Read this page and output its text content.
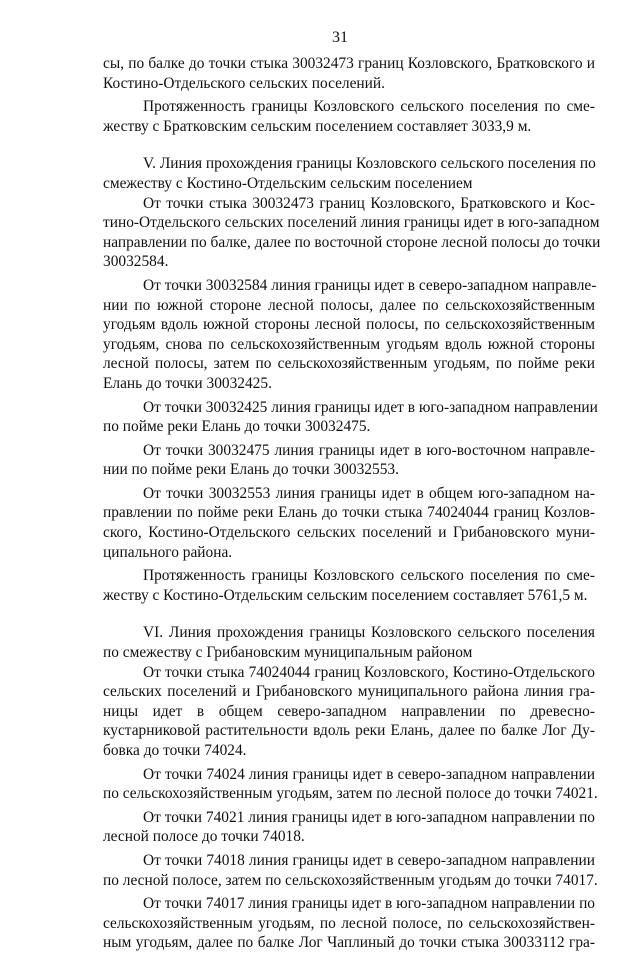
31
сы, по балке до точки стыка 30032473 границ Козловского, Братковского и
Костино-Отдельского сельских поселений.
Протяженность границы Козловского сельского поселения по сме-
жеству с Братковским сельским поселением составляет 3033,9 м.
V. Линия прохождения границы Козловского сельского поселения по
смежеству с Костино-Отдельским сельским поселением
От точки стыка 30032473 границ Козловского, Братковского и Кос-
тино-Отдельского сельских поселений линия границы идет в юго-западном
направлении по балке, далее по восточной стороне лесной полосы до точки
30032584.
От точки 30032584 линия границы идет в северо-западном направле-
нии по южной стороне лесной полосы, далее по сельскохозяйственным
угодьям вдоль южной стороны лесной полосы, по сельскохозяйственным
угодьям, снова по сельскохозяйственным угодьям вдоль южной стороны
лесной полосы, затем по сельскохозяйственным угодьям, по пойме реки
Елань до точки 30032425.
От точки 30032425 линия границы идет в юго-западном направлении
по пойме реки Елань до точки 30032475.
От точки 30032475 линия границы идет в юго-восточном направле-
нии по пойме реки Елань до точки 30032553.
От точки 30032553 линия границы идет в общем юго-западном на-
правлении по пойме реки Елань до точки стыка 74024044 границ Козлов-
ского, Костино-Отдельского сельских поселений и Грибановского муни-
ципального района.
Протяженность границы Козловского сельского поселения по сме-
жеству с Костино-Отдельским сельским поселением составляет 5761,5 м.
VI. Линия прохождения границы Козловского сельского поселения
по смежеству с Грибановским муниципальным районом
От точки стыка 74024044 границ Козловского, Костино-Отдельского
сельских поселений и Грибановского муниципального района линия гра-
ницы идет в общем северо-западном направлении по древесно-
кустарниковой растительности вдоль реки Елань, далее по балке Лог Ду-
бовка до точки 74024.
От точки 74024 линия границы идет в северо-западном направлении
по сельскохозяйственным угодьям, затем по лесной полосе до точки 74021.
От точки 74021 линия границы идет в юго-западном направлении по
лесной полосе до точки 74018.
От точки 74018 линия границы идет в северо-западном направлении
по лесной полосе, затем по сельскохозяйственным угодьям до точки 74017.
От точки 74017 линия границы идет в юго-западном направлении по
сельскохозяйственным угодьям, по лесной полосе, по сельскохозяйствен-
ным угодьям, далее по балке Лог Чаплиный до точки стыка 30033112 гра-
